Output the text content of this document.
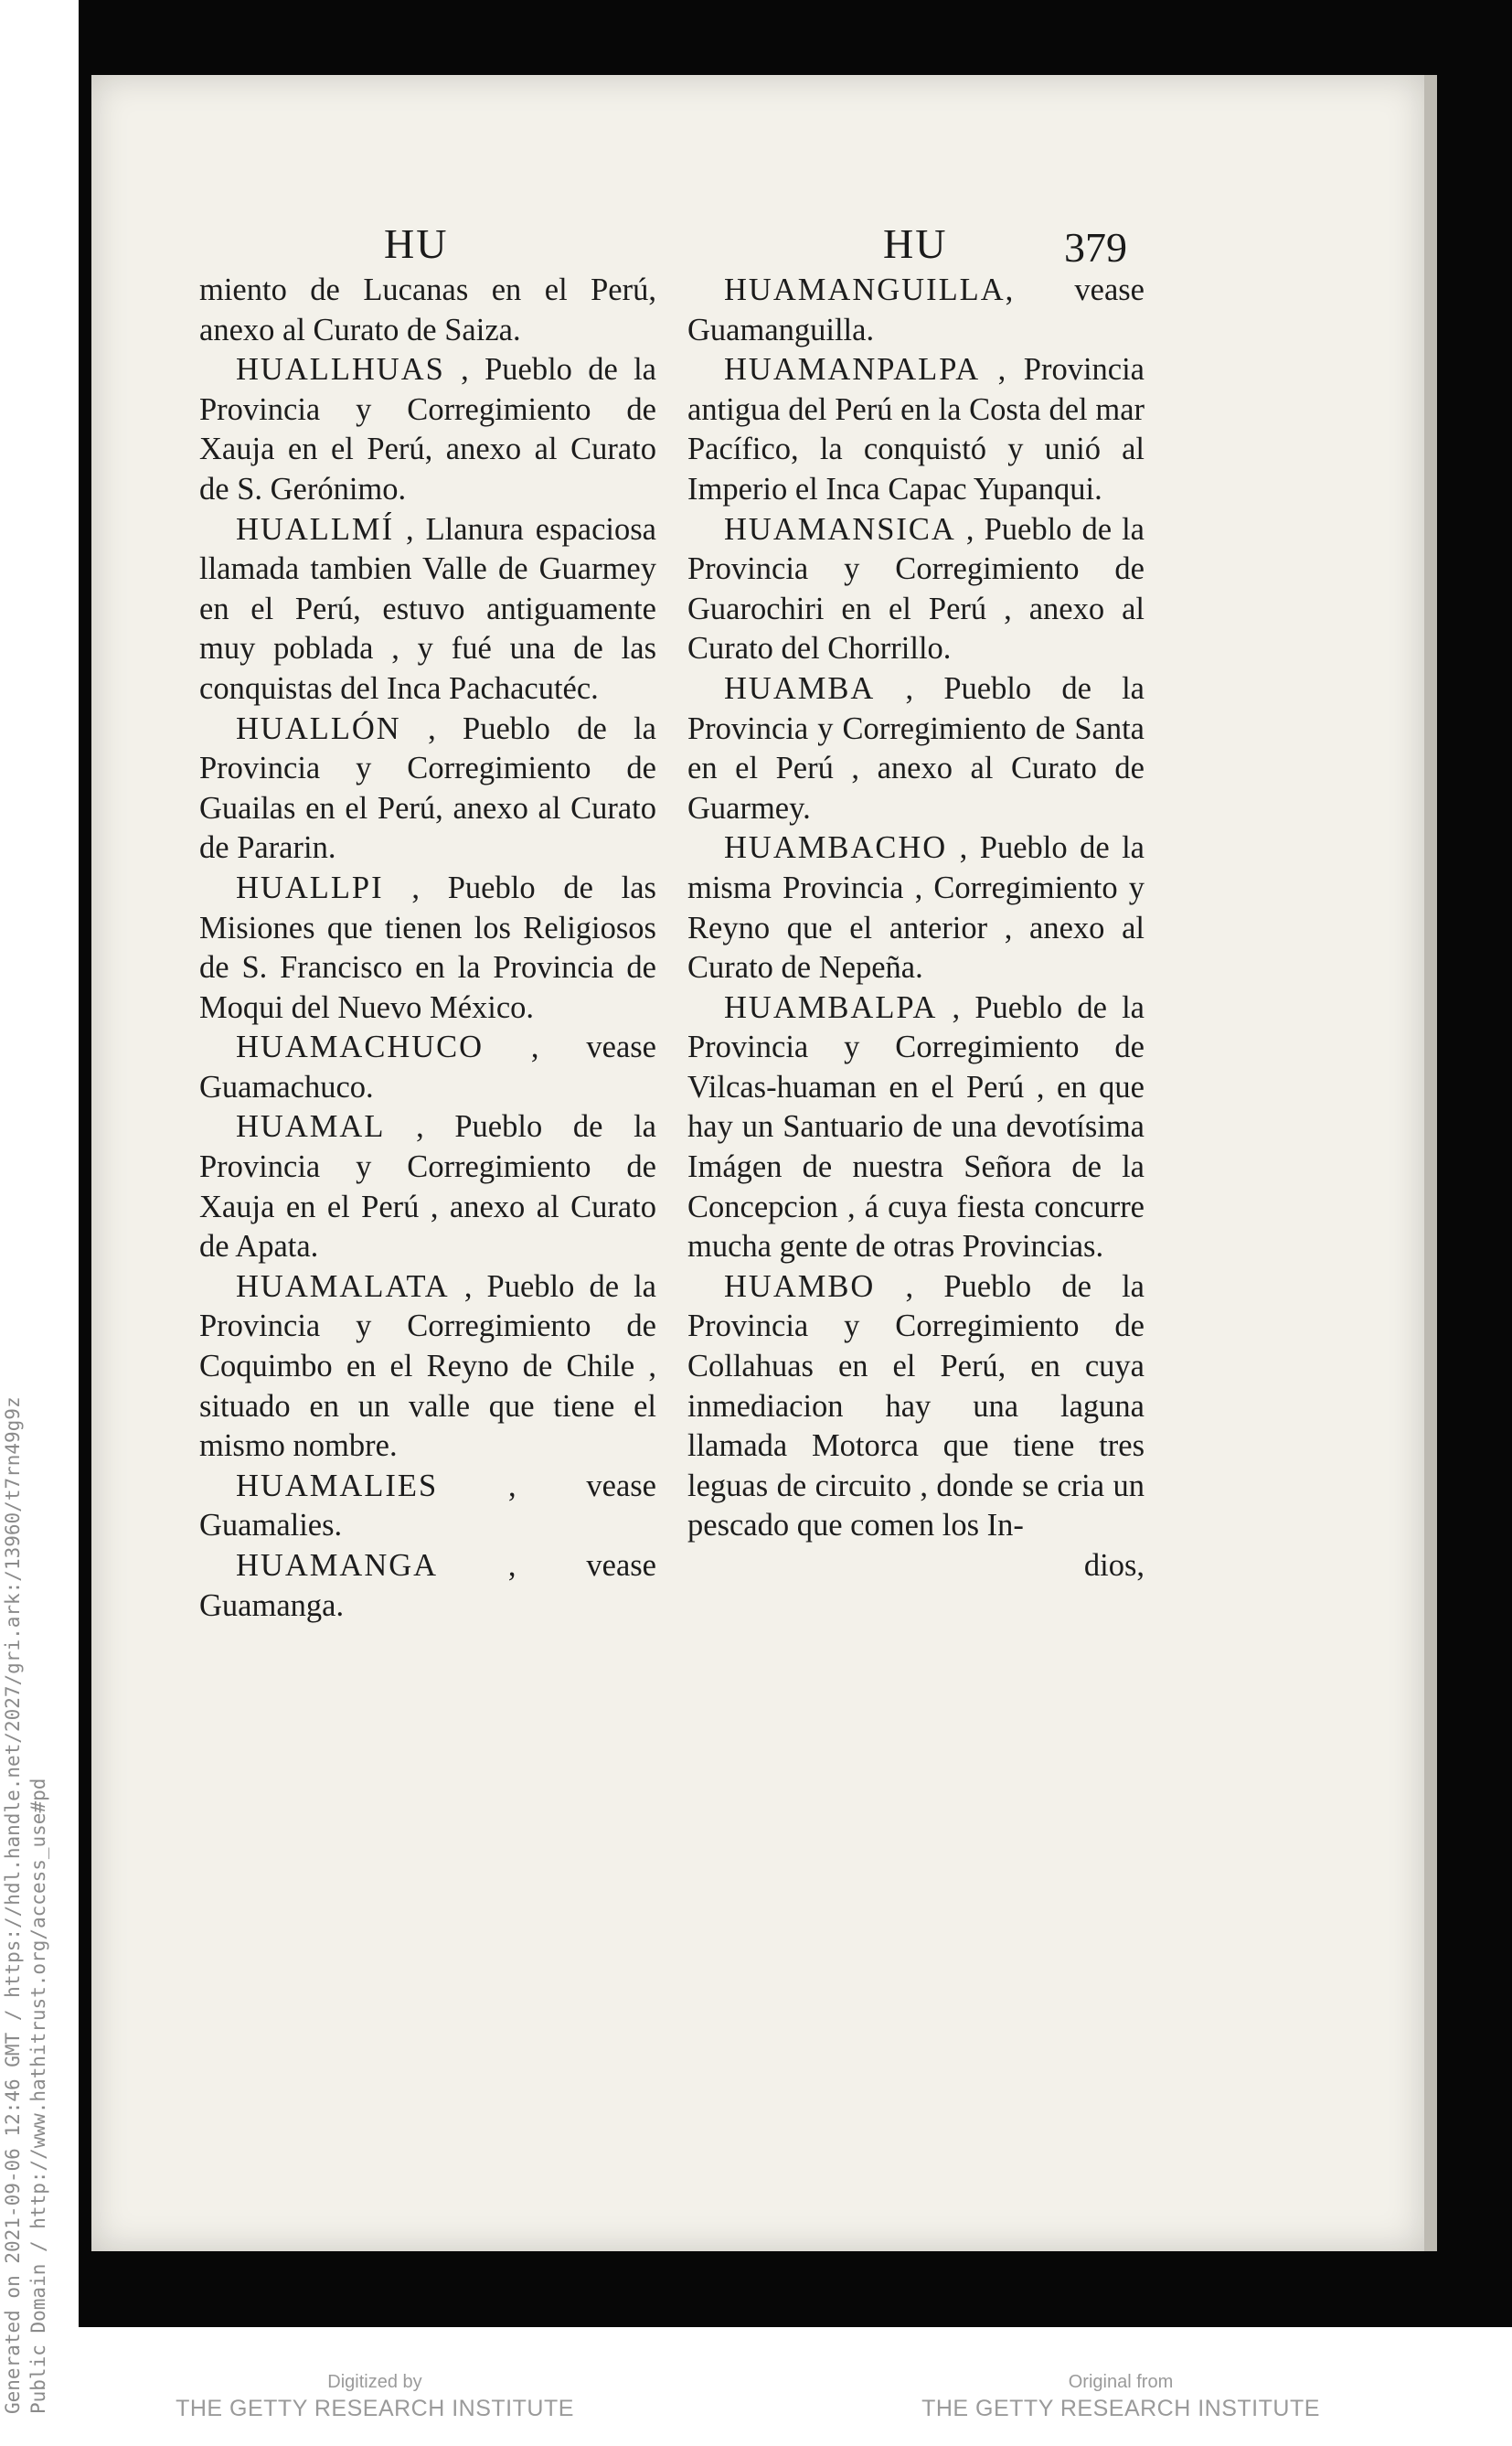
HU	HU	379

miento de Lucanas en el Perú, anexo al Curato de Saiza.

HUALLHUAS , Pueblo de la Provincia y Corregimiento de Xauja en el Perú, anexo al Curato de S. Gerónimo.

HUALLMÍ , Llanura espaciosa llamada tambien Valle de Guarmey en el Perú, estuvo antiguamente muy poblada , y fué una de las conquistas del Inca Pachacutéc.

HUALLÓN , Pueblo de la Provincia y Corregimiento de Guailas en el Perú, anexo al Curato de Pararin.

HUALLPI , Pueblo de las Misiones que tienen los Religiosos de S. Francisco en la Provincia de Moqui del Nuevo México.

HUAMACHUCO , vease Guamachuco.

HUAMAL , Pueblo de la Provincia y Corregimiento de Xauja en el Perú , anexo al Curato de Apata.

HUAMALATA , Pueblo de la Provincia y Corregimiento de Coquimbo en el Reyno de Chile , situado en un valle que tiene el mismo nombre.

HUAMALIES , vease Guamalies.

HUAMANGA , vease Guamanga.

HUAMANGUILLA, vease Guamanguilla.

HUAMANPALPA , Provincia antigua del Perú en la Costa del mar Pacífico, la conquistó y unió al Imperio el Inca Capac Yupanqui.

HUAMANSICA , Pueblo de la Provincia y Corregimiento de Guarochiri en el Perú , anexo al Curato del Chorrillo.

HUAMBA , Pueblo de la Provincia y Corregimiento de Santa en el Perú , anexo al Curato de Guarmey.

HUAMBACHO , Pueblo de la misma Provincia , Corregimiento y Reyno que el anterior , anexo al Curato de Nepeña.

HUAMBALPA , Pueblo de la Provincia y Corregimiento de Vilcas-huaman en el Perú , en que hay un Santuario de una devotísima Imágen de nuestra Señora de la Concepcion , á cuya fiesta concurre mucha gente de otras Provincias.

HUAMBO , Pueblo de la Provincia y Corregimiento de Collahuas en el Perú, en cuya inmediacion hay una laguna llamada Motorca que tiene tres leguas de circuito , donde se cria un pescado que comen los In-

dios,

Generated on 2021-09-06 12:46 GMT / https://hdl.handle.net/2027/gri.ark:/13960/t7rn49g9z Public Domain / http://www.hathitrust.org/access_use#pd	Digitized by
THE GETTY RESEARCH INSTITUTE
Original from
THE GETTY RESEARCH INSTITUTE
